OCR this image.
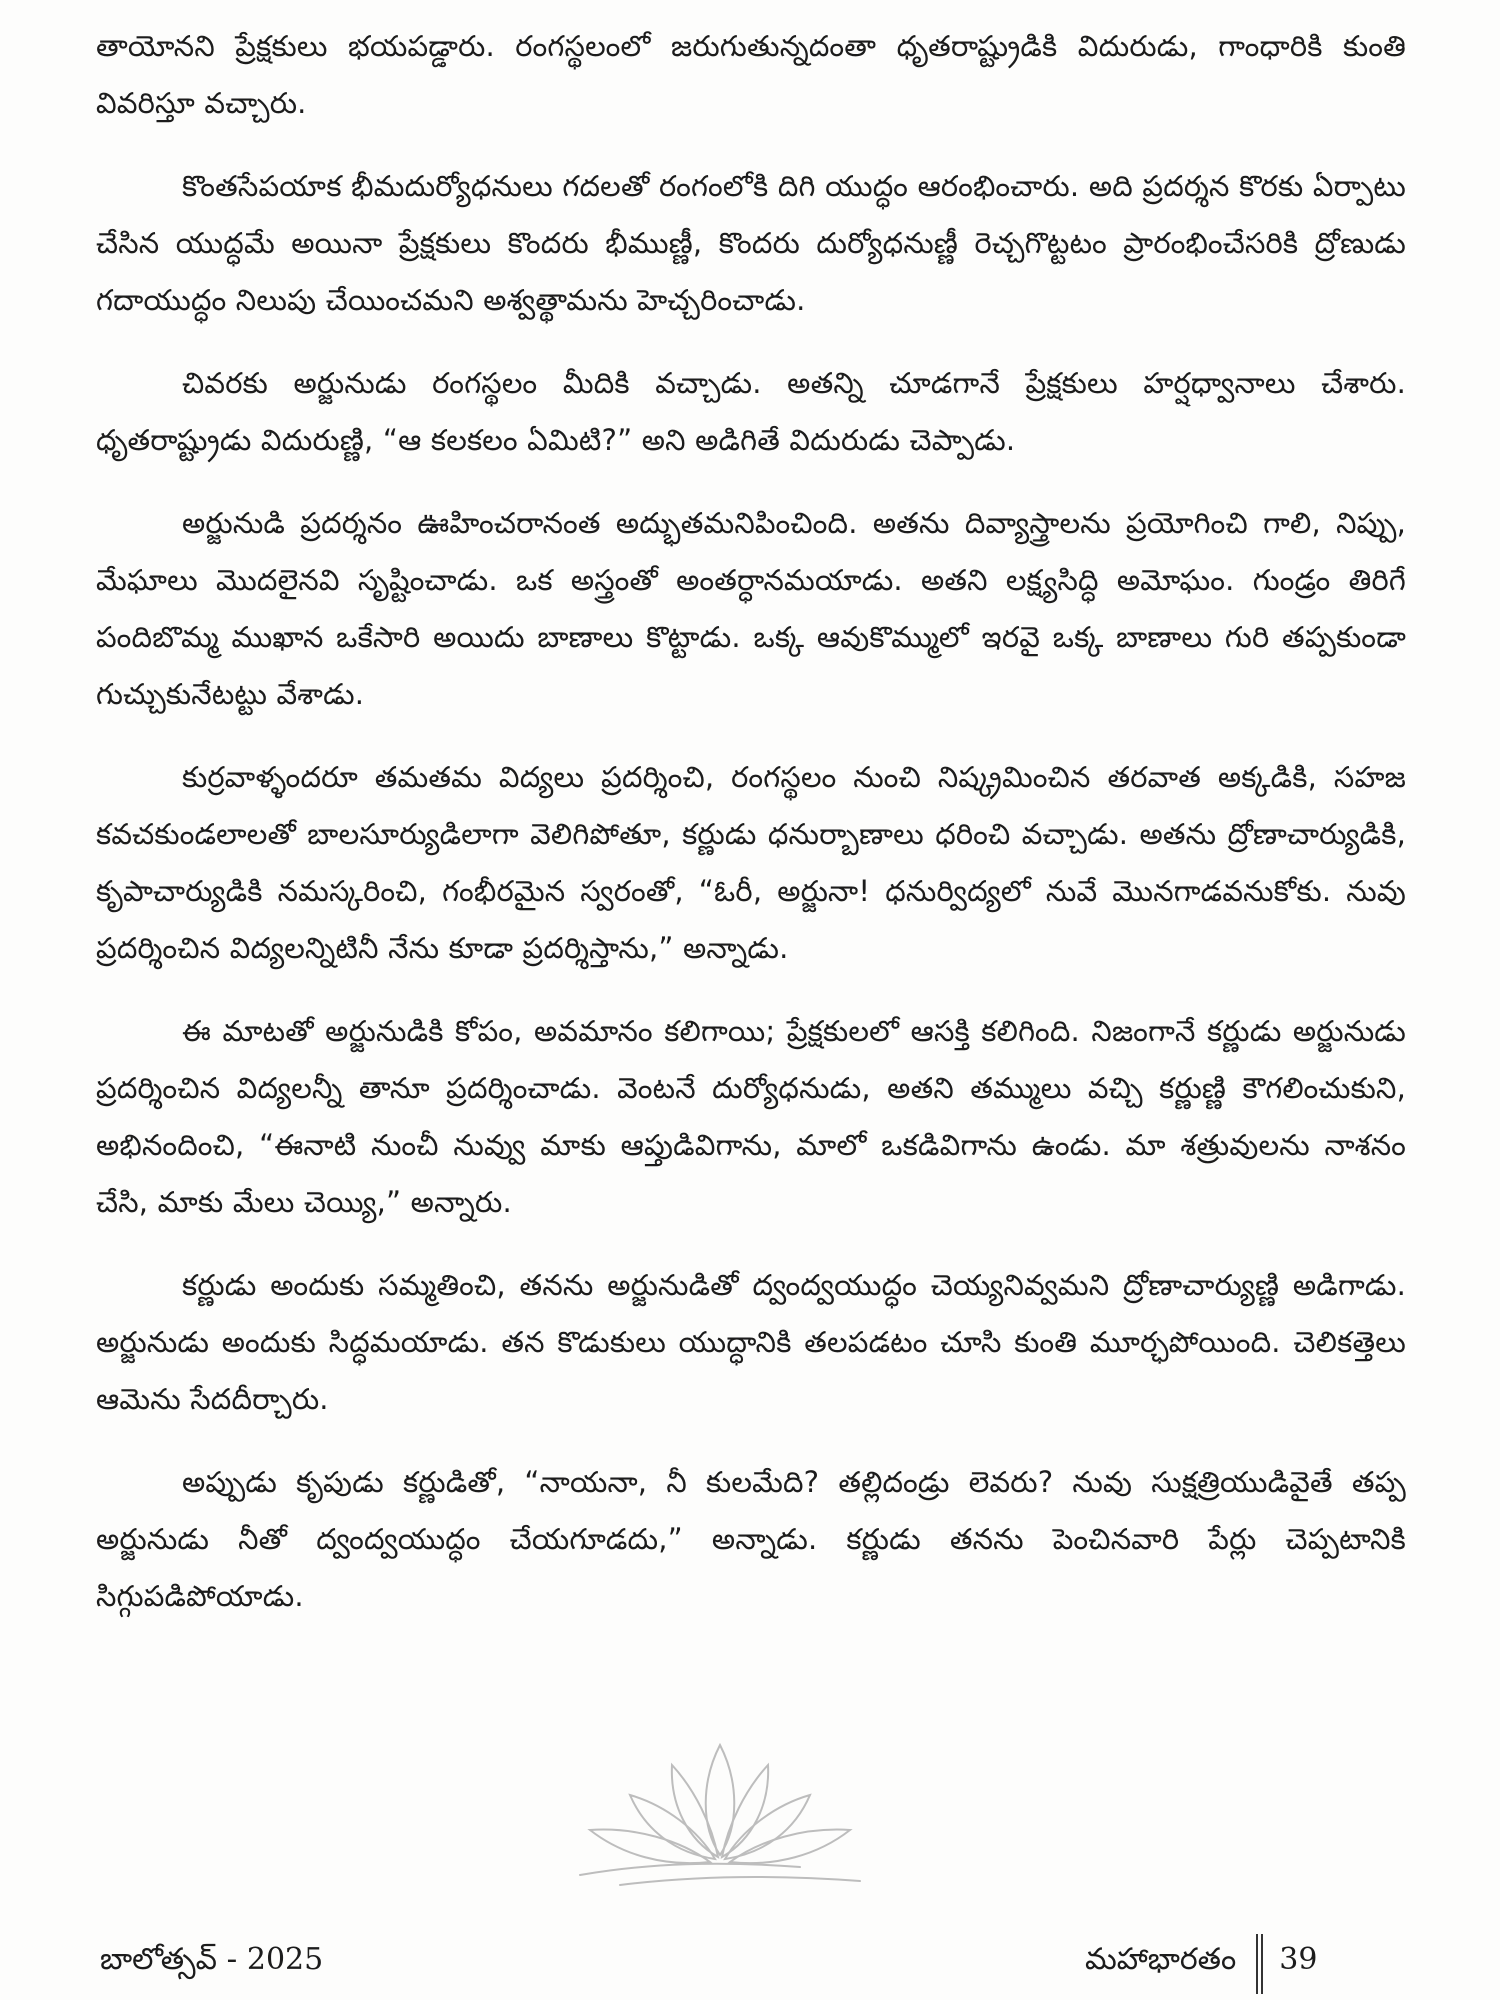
తాయోనని ప్రేక్షకులు భయపడ్డారు. రంగస్థలంలో జరుగుతున్నదంతా ధృతరాష్ట్రుడికి విదురుడు, గాంధారికి కుంతి వివరిస్తూ వచ్చారు.

కొంతసేపయాక భీమదుర్యోధనులు గదలతో రంగంలోకి దిగి యుద్ధం ఆరంభించారు. అది ప్రదర్శన కొరకు ఏర్పాటు చేసిన యుద్ధమే అయినా ప్రేక్షకులు కొందరు భీముణ్ణీ, కొందరు దుర్యోధనుణ్ణీ రెచ్చగొట్టటం ప్రారంభించేసరికి ద్రోణుడు గదాయుద్ధం నిలుపు చేయించమని అశ్వత్థామను హెచ్చరించాడు.

చివరకు అర్జునుడు రంగస్థలం మీదికి వచ్చాడు. అతన్ని చూడగానే ప్రేక్షకులు హర్షధ్వానాలు చేశారు. ధృతరాష్ట్రుడు విదురుణ్ణి, “ఆ కలకలం ఏమిటి?” అని అడిగితే విదురుడు చెప్పాడు.

అర్జునుడి ప్రదర్శనం ఊహించరానంత అద్భుతమనిపించింది. అతను దివ్యాస్త్రాలను ప్రయోగించి గాలి, నిప్పు, మేఘాలు మొదలైనవి సృష్టించాడు. ఒక అస్త్రంతో అంతర్ధానమయాడు. అతని లక్ష్యసిద్ధి అమోఘం. గుండ్రం తిరిగే పందిబొమ్మ ముఖాన ఒకేసారి అయిదు బాణాలు కొట్టాడు. ఒక్క ఆవుకొమ్ములో ఇరవై ఒక్క బాణాలు గురి తప్పకుండా గుచ్చుకునేటట్టు వేశాడు.

కుర్రవాళ్ళందరూ తమతమ విద్యలు ప్రదర్శించి, రంగస్థలం నుంచి నిష్క్రమించిన తరవాత అక్కడికి, సహజ కవచకుండలాలతో బాలసూర్యుడిలాగా వెలిగిపోతూ, కర్ణుడు ధనుర్బాణాలు ధరించి వచ్చాడు. అతను ద్రోణాచార్యుడికి, కృపాచార్యుడికి నమస్కరించి, గంభీరమైన స్వరంతో, “ఓరీ, అర్జునా! ధనుర్విద్యలో నువే మొనగాడవనుకోకు. నువు ప్రదర్శించిన విద్యలన్నిటినీ నేను కూడా ప్రదర్శిస్తాను,” అన్నాడు.

ఈ మాటతో అర్జునుడికి కోపం, అవమానం కలిగాయి; ప్రేక్షకులలో ఆసక్తి కలిగింది. నిజంగానే కర్ణుడు అర్జునుడు ప్రదర్శించిన విద్యలన్నీ తానూ ప్రదర్శించాడు. వెంటనే దుర్యోధనుడు, అతని తమ్ములు వచ్చి కర్ణుణ్ణి కౌగలించుకుని, అభినందించి, “ఈనాటి నుంచీ నువ్వు మాకు ఆప్తుడివిగాను, మాలో ఒకడివిగాను ఉండు. మా శత్రువులను నాశనం చేసి, మాకు మేలు చెయ్యి,” అన్నారు.

కర్ణుడు అందుకు సమ్మతించి, తనను అర్జునుడితో ద్వంద్వయుద్ధం చెయ్యనివ్వమని ద్రోణాచార్యుణ్ణి అడిగాడు. అర్జునుడు అందుకు సిద్ధమయాడు. తన కొడుకులు యుద్ధానికి తలపడటం చూసి కుంతి మూర్ఛపోయింది. చెలికత్తెలు ఆమెను సేదదీర్చారు.

అప్పుడు కృపుడు కర్ణుడితో, “నాయనా, నీ కులమేది? తల్లిదండ్రు లెవరు? నువు సుక్షత్రియుడివైతే తప్ప అర్జునుడు నీతో ద్వంద్వయుద్ధం చేయగూడదు,” అన్నాడు. కర్ణుడు తనను పెంచినవారి పేర్లు చెప్పటానికి సిగ్గుపడిపోయాడు.

బాలోత్సవ్ - 2025	మహాభారతం 39
